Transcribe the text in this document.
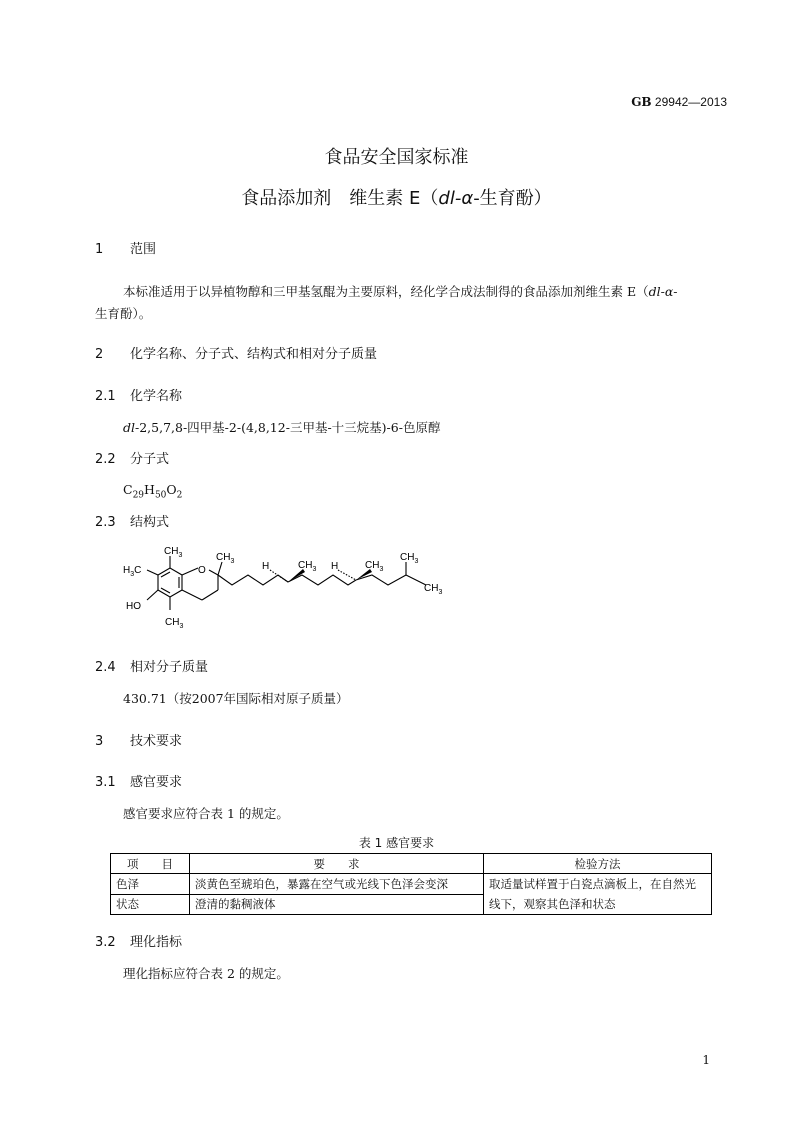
GB 29942—2013
食品安全国家标准
食品添加剂　维生素 E（dl-α-生育酚）
1 范围
本标准适用于以异植物醇和三甲基氢醌为主要原料，经化学合成法制得的食品添加剂维生素 E（dl-α-
生育酚）。
2 化学名称、分子式、结构式和相对分子质量
2.1 化学名称
dl-2,5,7,8-四甲基-2-(4,8,12-三甲基-十三烷基)-6-色原醇
2.2 分子式
$C_{29}H_{50}O_2$
2.3 结构式
$CH_3$
$H_3C$
HO
O
$CH_3$
$CH_3$	H	$CH_3$ H	$CH_3$
$CH_3$
$CH_3$
2.4 相对分子质量
430.71（按2007年国际相对原子质量）
3 技术要求
3.1 感官要求
感官要求应符合表 1 的规定。
表 1 感官要求
项　　目	要　　求	检验方法
色泽	淡黄色至琥珀色，暴露在空气或光线下色泽会变深	取适量试样置于白瓷点滴板上，在自然光
线下，观察其色泽和状态
状态	澄清的黏稠液体	
3.2 理化指标
理化指标应符合表 2 的规定。
1
